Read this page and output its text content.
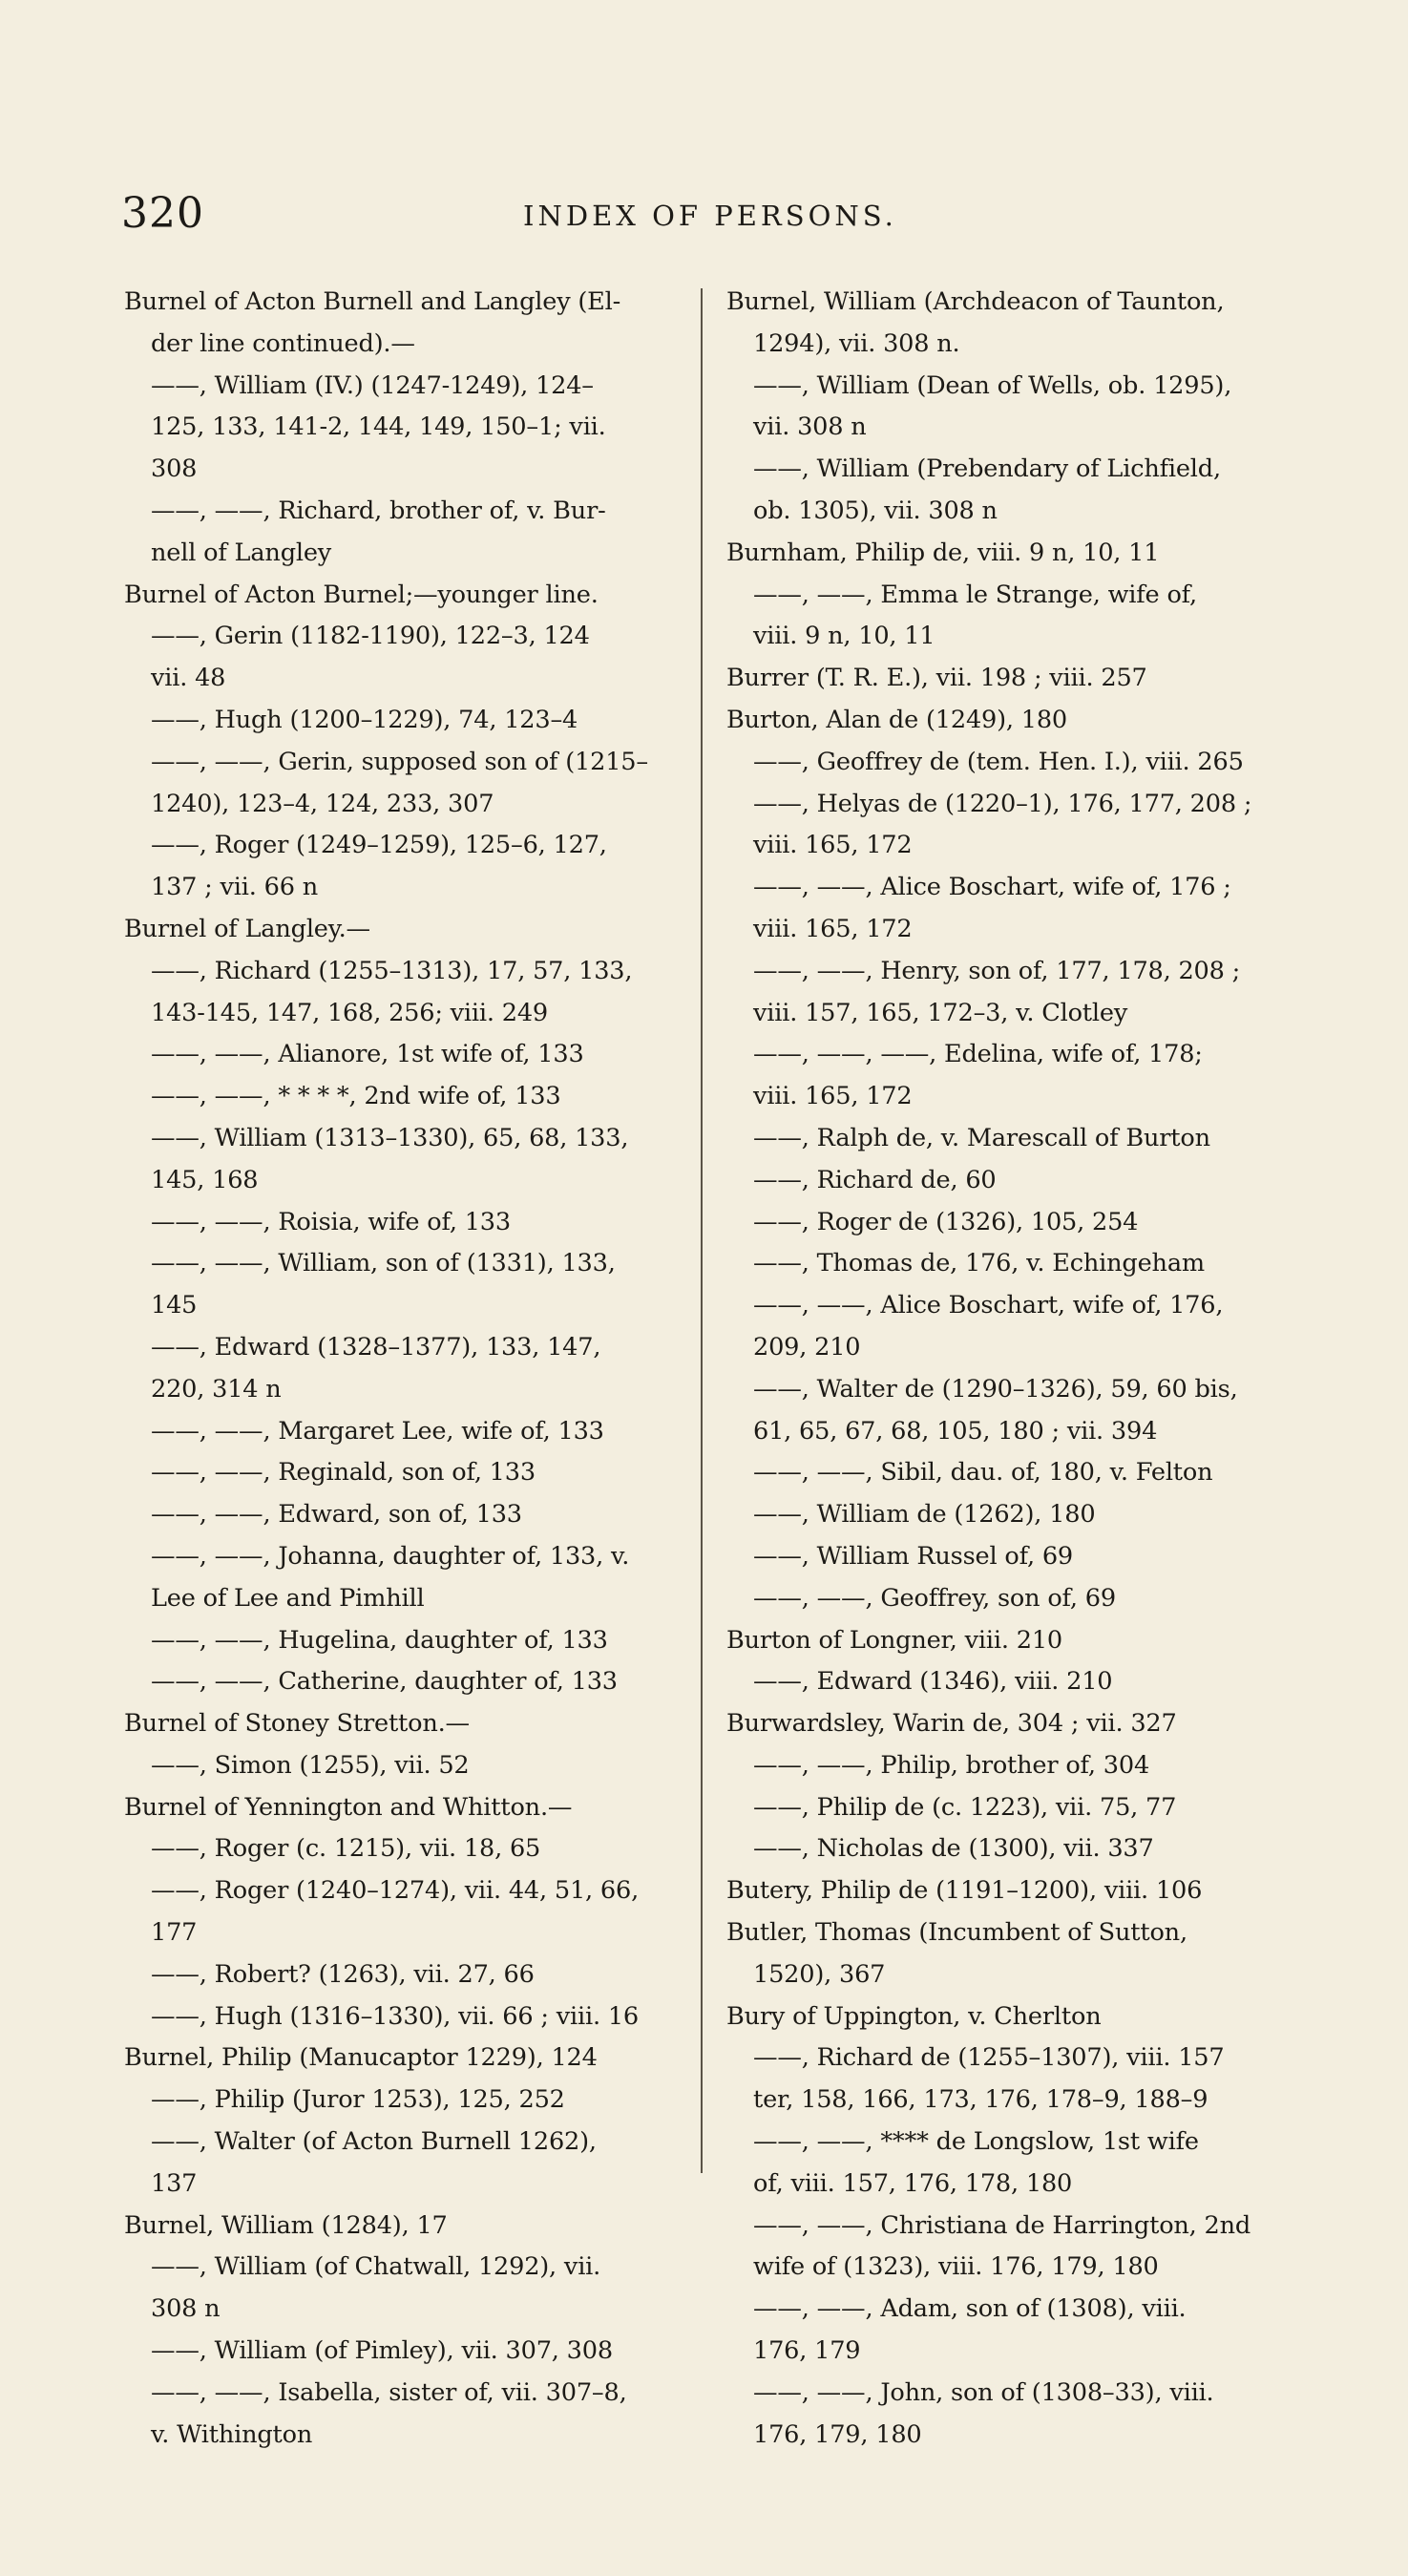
320	INDEX OF PERSONS.

Burnel of Acton Burnell and Langley (El-

der line continued).—

——, William (IV.) (1247-1249), 124–

125, 133, 141-2, 144, 149, 150–1; vii.

308

——, ——, Richard, brother of, v. Bur-

nell of Langley

Burnel of Acton Burnel;—younger line.

——, Gerin (1182-1190), 122–3, 124

vii. 48

——, Hugh (1200–1229), 74, 123–4

——, ——, Gerin, supposed son of (1215–

1240), 123–4, 124, 233, 307

——, Roger (1249–1259), 125–6, 127,

137 ; vii. 66 n

Burnel of Langley.—

——, Richard (1255–1313), 17, 57, 133,

143-145, 147, 168, 256; viii. 249

——, ——, Alianore, 1st wife of, 133

——, ——, * * * *, 2nd wife of, 133

——, William (1313–1330), 65, 68, 133,

145, 168

——, ——, Roisia, wife of, 133

——, ——, William, son of (1331), 133,

145

——, Edward (1328–1377), 133, 147,

220, 314 n

——, ——, Margaret Lee, wife of, 133

——, ——, Reginald, son of, 133

——, ——, Edward, son of, 133

——, ——, Johanna, daughter of, 133, v.

Lee of Lee and Pimhill

——, ——, Hugelina, daughter of, 133

——, ——, Catherine, daughter of, 133

Burnel of Stoney Stretton.—

——, Simon (1255), vii. 52

Burnel of Yennington and Whitton.—

——, Roger (c. 1215), vii. 18, 65

——, Roger (1240–1274), vii. 44, 51, 66,

177

——, Robert? (1263), vii. 27, 66

——, Hugh (1316–1330), vii. 66 ; viii. 16

Burnel, Philip (Manucaptor 1229), 124

——, Philip (Juror 1253), 125, 252

——, Walter (of Acton Burnell 1262),

137

Burnel, William (1284), 17

——, William (of Chatwall, 1292), vii.

308 n

——, William (of Pimley), vii. 307, 308

——, ——, Isabella, sister of, vii. 307–8,

v. Withington

Burnel, William (Archdeacon of Taunton,

1294), vii. 308 n.

——, William (Dean of Wells, ob. 1295),

vii. 308 n

——, William (Prebendary of Lichfield,

ob. 1305), vii. 308 n

Burnham, Philip de, viii. 9 n, 10, 11

——, ——, Emma le Strange, wife of,

viii. 9 n, 10, 11

Burrer (T. R. E.), vii. 198 ; viii. 257

Burton, Alan de (1249), 180

——, Geoffrey de (tem. Hen. I.), viii. 265

——, Helyas de (1220–1), 176, 177, 208 ;

viii. 165, 172

——, ——, Alice Boschart, wife of, 176 ;

viii. 165, 172

——, ——, Henry, son of, 177, 178, 208 ;

viii. 157, 165, 172–3, v. Clotley

——, ——, ——, Edelina, wife of, 178;

viii. 165, 172

——, Ralph de, v. Marescall of Burton

——, Richard de, 60

——, Roger de (1326), 105, 254

——, Thomas de, 176, v. Echingeham

——, ——, Alice Boschart, wife of, 176,

209, 210

——, Walter de (1290–1326), 59, 60 bis,

61, 65, 67, 68, 105, 180 ; vii. 394

——, ——, Sibil, dau. of, 180, v. Felton

——, William de (1262), 180

——, William Russel of, 69

——, ——, Geoffrey, son of, 69

Burton of Longner, viii. 210

——, Edward (1346), viii. 210

Burwardsley, Warin de, 304 ; vii. 327

——, ——, Philip, brother of, 304

——, Philip de (c. 1223), vii. 75, 77

——, Nicholas de (1300), vii. 337

Butery, Philip de (1191–1200), viii. 106

Butler, Thomas (Incumbent of Sutton,

1520), 367

Bury of Uppington, v. Cherlton

——, Richard de (1255–1307), viii. 157

ter, 158, 166, 173, 176, 178–9, 188–9

——, ——, **** de Longslow, 1st wife

of, viii. 157, 176, 178, 180

——, ——, Christiana de Harrington, 2nd

wife of (1323), viii. 176, 179, 180

——, ——, Adam, son of (1308), viii.

176, 179

——, ——, John, son of (1308–33), viii.

176, 179, 180
